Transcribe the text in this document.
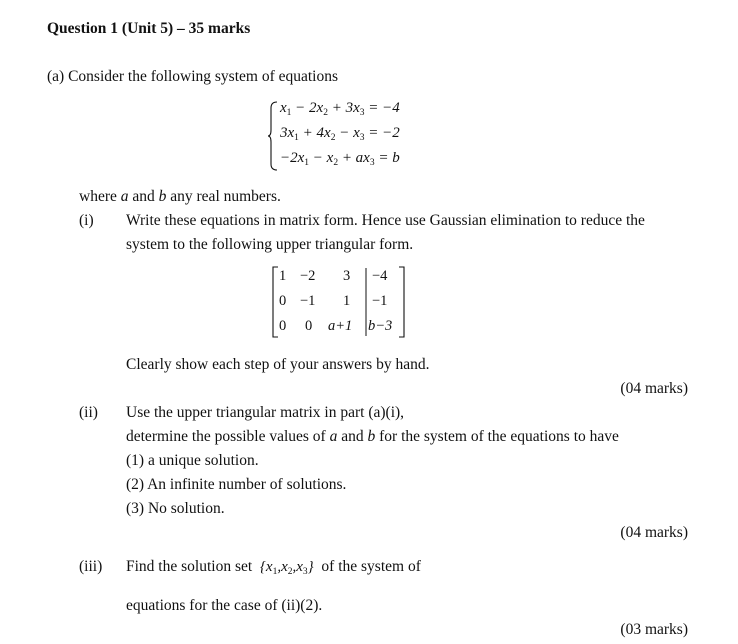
Question 1 (Unit 5) – 35 marks
(a) Consider the following system of equations
$x_1 - 2x_2 + 3x_3 = -4$
$3x_1 + 4x_2 - x_3 = -2$
$-2x_1 - x_2 + ax_3 = b$
where a and b any real numbers.
(i) Write these equations in matrix form. Hence use Gaussian elimination to reduce the
system to the following upper triangular form.
1 −2 3 −4
0 −1 1 −1
0 0 a+1 b−3
Clearly show each step of your answers by hand.
(04 marks)
(ii) Use the upper triangular matrix in part (a)(i),
determine the possible values of a and b for the system of the equations to have
(1) a unique solution.
(2) An infinite number of solutions.
(3) No solution.
(04 marks)
(iii) Find the solution set $\{x_1,x_2,x_3\}$ of the system of
equations for the case of (ii)(2).
(03 marks)
